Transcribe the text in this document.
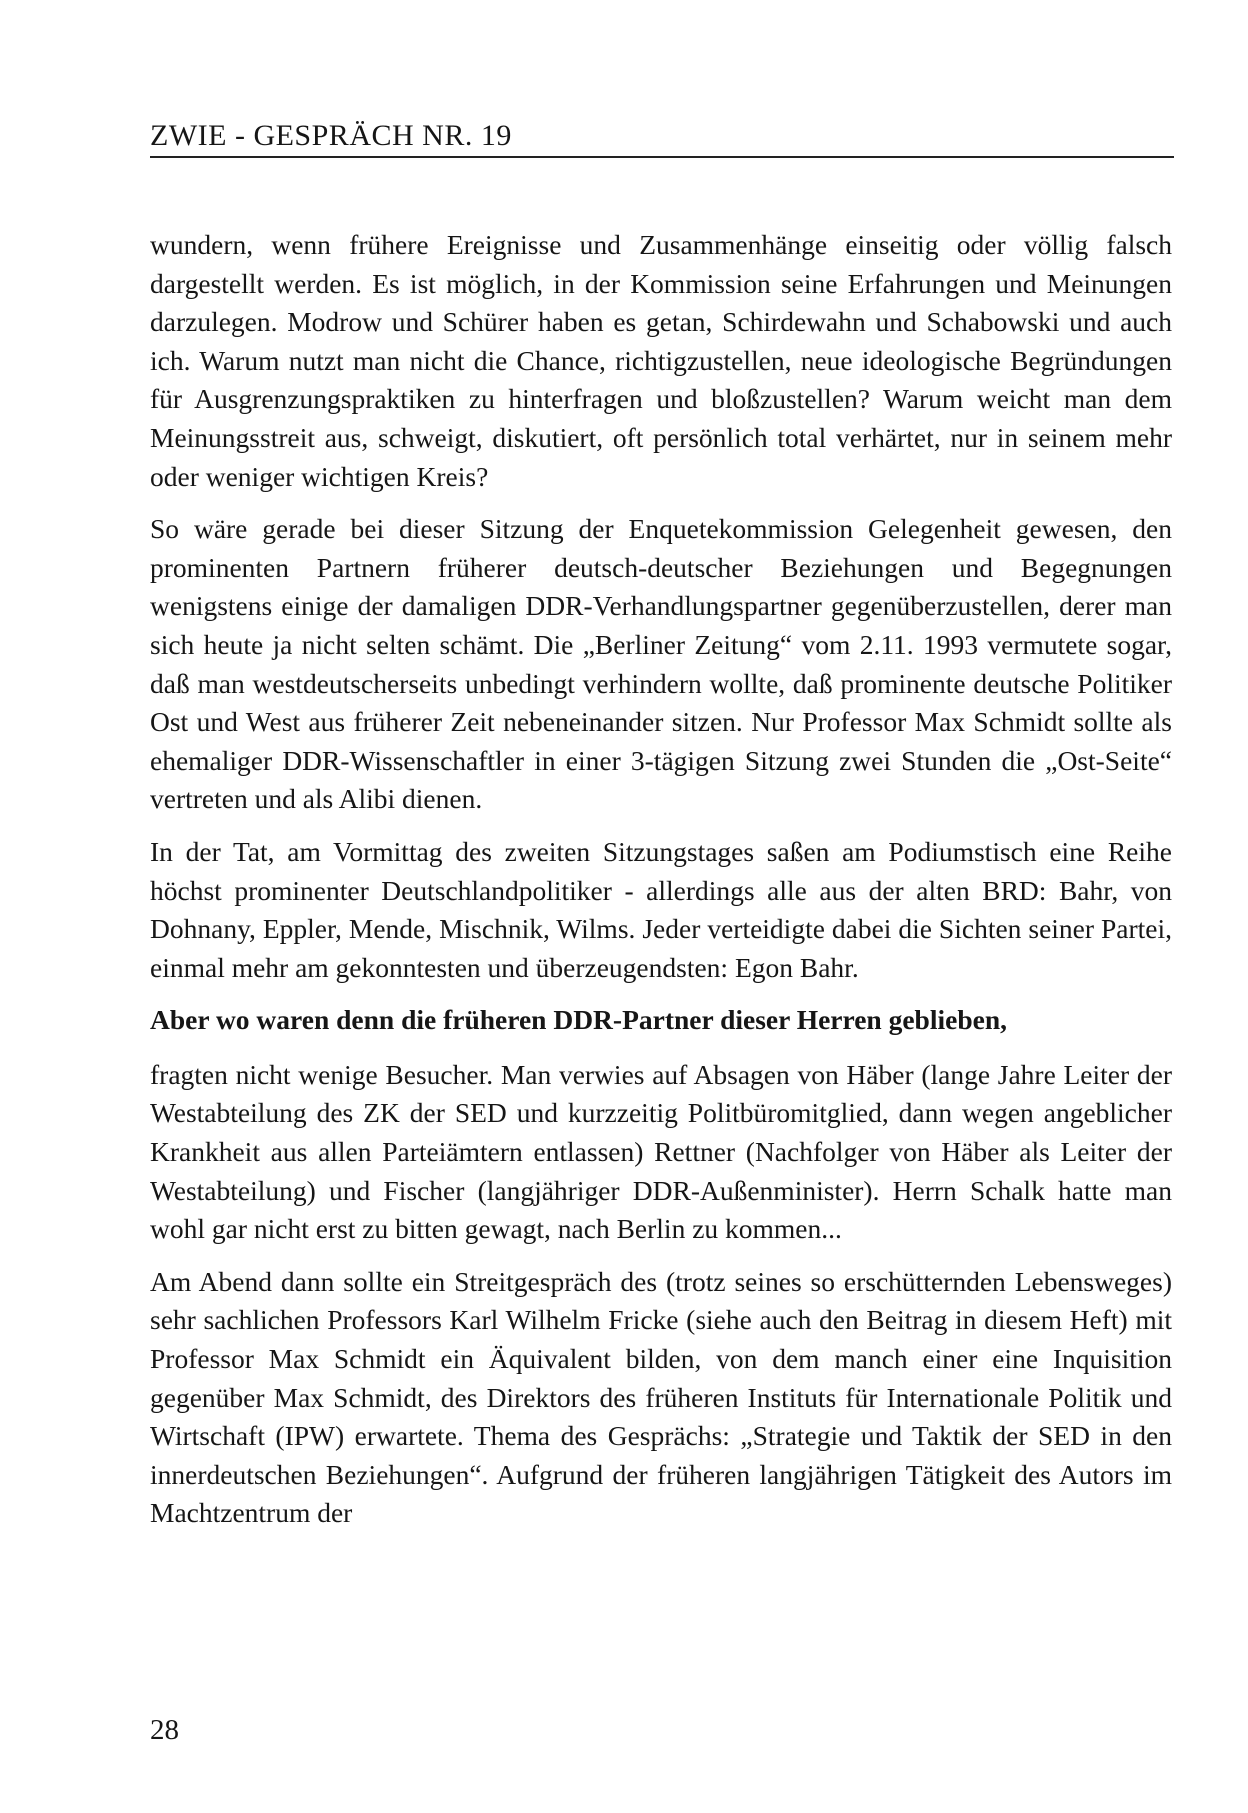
ZWIE - GESPRÄCH NR. 19

wundern, wenn frühere Ereignisse und Zusammenhänge einseitig oder völlig falsch dargestellt werden. Es ist möglich, in der Kommission seine Erfahrungen und Meinungen darzulegen. Modrow und Schürer haben es getan, Schirdewahn und Schabowski und auch ich. Warum nutzt man nicht die Chance, richtigzustellen, neue ideologische Begründungen für Ausgrenzungspraktiken zu hinterfragen und bloßzustellen? Warum weicht man dem Meinungsstreit aus, schweigt, diskutiert, oft persönlich total verhärtet, nur in seinem mehr oder weniger wichtigen Kreis?

So wäre gerade bei dieser Sitzung der Enquetekommission Gelegenheit gewesen, den prominenten Partnern früherer deutsch-deutscher Beziehungen und Begegnungen wenigstens einige der damaligen DDR-Verhandlungspartner gegenüberzustellen, derer man sich heute ja nicht selten schämt. Die „Berliner Zeitung“ vom 2.11. 1993 vermutete sogar, daß man westdeutscherseits unbedingt verhindern wollte, daß prominente deutsche Politiker Ost und West aus früherer Zeit nebeneinander sitzen. Nur Professor Max Schmidt sollte als ehemaliger DDR-Wissenschaftler in einer 3-tägigen Sitzung zwei Stunden die „Ost-Seite“ vertreten und als Alibi dienen.

In der Tat, am Vormittag des zweiten Sitzungstages saßen am Podiumstisch eine Reihe höchst prominenter Deutschlandpolitiker - allerdings alle aus der alten BRD: Bahr, von Dohnany, Eppler, Mende, Mischnik, Wilms. Jeder verteidigte dabei die Sichten seiner Partei, einmal mehr am gekonntesten und überzeugendsten: Egon Bahr.

Aber wo waren denn die früheren DDR-Partner dieser Herren geblieben,

fragten nicht wenige Besucher. Man verwies auf Absagen von Häber (lange Jahre Leiter der Westabteilung des ZK der SED und kurzzeitig Politbüromitglied, dann wegen angeblicher Krankheit aus allen Parteiämtern entlassen) Rettner (Nachfolger von Häber als Leiter der Westabteilung) und Fischer (langjähriger DDR-Außenminister). Herrn Schalk hatte man wohl gar nicht erst zu bitten gewagt, nach Berlin zu kommen...

Am Abend dann sollte ein Streitgespräch des (trotz seines so erschütternden Lebensweges) sehr sachlichen Professors Karl Wilhelm Fricke (siehe auch den Beitrag in diesem Heft) mit Professor Max Schmidt ein Äquivalent bilden, von dem manch einer eine Inquisition gegenüber Max Schmidt, des Direktors des früheren Instituts für Internationale Politik und Wirtschaft (IPW) erwartete. Thema des Gesprächs: „Strategie und Taktik der SED in den innerdeutschen Beziehungen“. Aufgrund der früheren langjährigen Tätigkeit des Autors im Machtzentrum der

28
